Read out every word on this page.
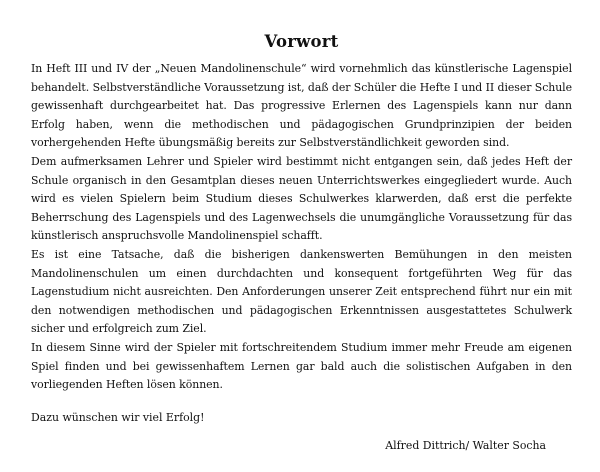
Vorwort

In Heft III und IV der „Neuen Mandolinenschule“ wird vornehmlich das künstlerische Lagenspiel behandelt. Selbstverständliche Voraussetzung ist, daß der Schüler die Hefte I und II dieser Schule gewissenhaft durchgearbeitet hat. Das progressive Erlernen des Lagenspiels kann nur dann Erfolg haben, wenn die methodischen und pädagogischen Grundprinzipien der beiden vorhergehenden Hefte übungsmäßig bereits zur Selbstverständlichkeit geworden sind.

Dem aufmerksamen Lehrer und Spieler wird bestimmt nicht entgangen sein, daß jedes Heft der Schule organisch in den Gesamtplan dieses neuen Unterrichtswerkes eingegliedert wurde. Auch wird es vielen Spielern beim Studium dieses Schulwerkes klarwerden, daß erst die perfekte Beherrschung des Lagenspiels und des Lagenwechsels die unumgängliche Voraussetzung für das künstlerisch anspruchsvolle Mandolinenspiel schafft.

Es ist eine Tatsache, daß die bisherigen dankenswerten Bemühungen in den meisten Mandolinenschulen um einen durchdachten und konsequent fortgeführten Weg für das Lagenstudium nicht ausreichten. Den Anforderungen unserer Zeit entsprechend führt nur ein mit den notwendigen methodischen und pädagogischen Erkenntnissen ausgestattetes Schulwerk sicher und erfolgreich zum Ziel.

In diesem Sinne wird der Spieler mit fortschreitendem Studium immer mehr Freude am eigenen Spiel finden und bei gewissenhaftem Lernen gar bald auch die solistischen Aufgaben in den vorliegenden Heften lösen können.

Dazu wünschen wir viel Erfolg!

Alfred Dittrich/ Walter Socha
